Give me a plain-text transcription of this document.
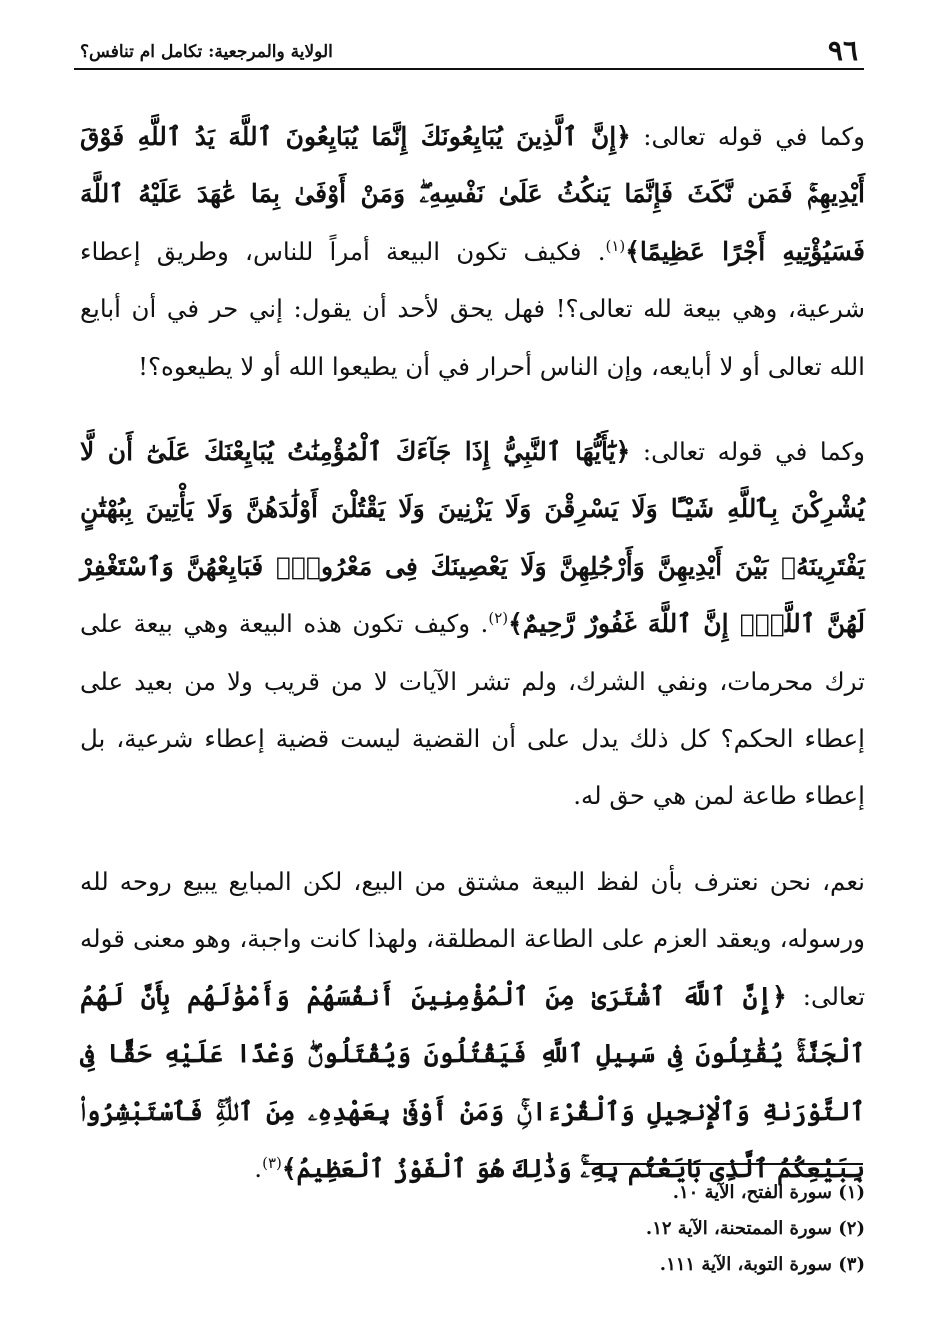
٩٦
الولاية والمرجعية: تكامل ام تنافس؟

وكما في قوله تعالى: ﴿إِنَّ ٱلَّذِينَ يُبَايِعُونَكَ إِنَّمَا يُبَايِعُونَ ٱللَّهَ يَدُ ٱللَّهِ فَوْقَ أَيْدِيهِمْۚ فَمَن نَّكَثَ فَإِنَّمَا يَنكُثُ عَلَىٰ نَفْسِهِۦۖ وَمَنْ أَوْفَىٰ بِمَا عَٰهَدَ عَلَيْهُ ٱللَّهَ فَسَيُؤْتِيهِ أَجْرًا عَظِيمًا﴾$^{(١)}$. فكيف تكون البيعة أمراً للناس، وطريق إعطاء شرعية، وهي بيعة لله تعالى؟! فهل يحق لأحد أن يقول: إني حر في أن أبايع الله تعالى أو لا أبايعه، وإن الناس أحرار في أن يطيعوا الله أو لا يطيعوه؟!

وكما في قوله تعالى: ﴿يَٰٓأَيُّهَا ٱلنَّبِيُّ إِذَا جَآءَكَ ٱلْمُؤْمِنَٰتُ يُبَايِعْنَكَ عَلَىٰٓ أَن لَّا يُشْرِكْنَ بِٱللَّهِ شَيْـًٔا وَلَا يَسْرِقْنَ وَلَا يَزْنِينَ وَلَا يَقْتُلْنَ أَوْلَٰدَهُنَّ وَلَا يَأْتِينَ بِبُهْتَٰنٍ يَفْتَرِينَهُۥ بَيْنَ أَيْدِيهِنَّ وَأَرْجُلِهِنَّ وَلَا يَعْصِينَكَ فِى مَعْرُوفٍۙ فَبَايِعْهُنَّ وَٱسْتَغْفِرْ لَهُنَّ ٱللَّهَۖ إِنَّ ٱللَّهَ غَفُورٌ رَّحِيمٌ﴾$^{(٢)}$. وكيف تكون هذه البيعة وهي بيعة على ترك محرمات، ونفي الشرك، ولم تشر الآيات لا من قريب ولا من بعيد على إعطاء الحكم؟ كل ذلك يدل على أن القضية ليست قضية إعطاء شرعية، بل إعطاء طاعة لمن هي حق له.

نعم، نحن نعترف بأن لفظ البيعة مشتق من البيع، لكن المبايع يبيع روحه لله ورسوله، ويعقد العزم على الطاعة المطلقة، ولهذا كانت واجبة، وهو معنى قوله تعالى: ﴿إِنَّ ٱللَّهَ ٱشْتَرَىٰ مِنَ ٱلْمُؤْمِنِينَ أَنفُسَهُمْ وَأَمْوَٰلَهُم بِأَنَّ لَهُمُ ٱلْجَنَّةَۚ يُقَٰتِلُونَ فِى سَبِيلِ ٱللَّهِ فَيَقْتُلُونَ وَيُقْتَلُونَۖ وَعْدًا عَلَيْهِ حَقًّا فِى ٱلتَّوْرَىٰةِ وَٱلْإِنجِيلِ وَٱلْقُرْءَانِۚ وَمَنْ أَوْفَىٰ بِعَهْدِهِۦ مِنَ ٱللَّهِۚ فَٱسْتَبْشِرُوا۟ بِبَيْعِكُمُ ٱلَّذِى بَايَعْتُم بِهِۦۚ وَذَٰلِكَ هُوَ ٱلْفَوْزُ ٱلْعَظِيمُ﴾$^{(٣)}$.

(١) سورة الفتح، الآية ١٠.
(٢) سورة الممتحنة، الآية ١٢.
(٣) سورة التوبة، الآية ١١١.
